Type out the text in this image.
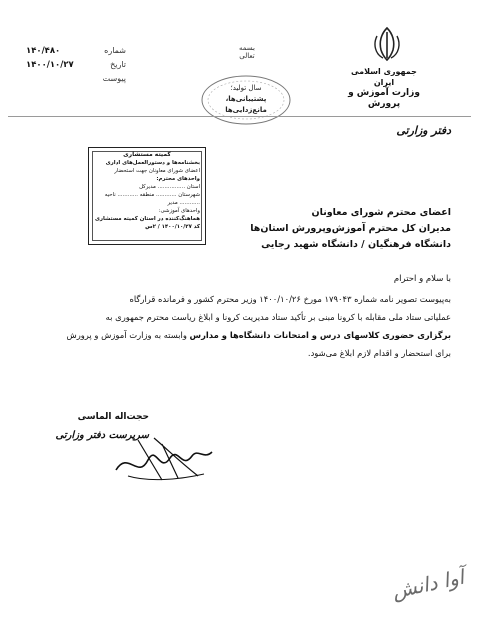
شماره
۱۴۰/۴۸۰
تاریخ
۱۴۰۰/۱۰/۲۷
پیوست
بسمه تعالی
سال تولید؛
پشتیبانی‌ها، مانع‌زدایی‌ها
جمهوری اسلامی ایران
وزارت آموزش و پرورش
دفتر وزارتی
کمیته مستشاری
بخشنامه‌ها و دستورالعمل‌های اداری
اعضای شورای معاونان جهت استحضار
واحدهای محترم:
استان ................ مدیرکل
شهرستان ............ منطقه ............ ناحیه ............ مدیر
واحدهای آموزشی:
هماهنگ‌کننده در استان کمیته مستشاری
کد ۱۴۰۰/۱۰/۲۷ / ۲س
اعضای محترم شورای معاونان
مدیران کل محترم آموزش‌وپرورش استان‌ها
دانشگاه فرهنگیان / دانشگاه شهید رجایی
با سلام و احترام
به‌پیوست تصویر نامه شماره ۱۷۹۰۴۳ مورخ ۱۴۰۰/۱۰/۲۶ وزیر محترم کشور و فرمانده قرارگاه
عملیاتی ستاد ملی مقابله با کرونا مبنی بر تأکید ستاد مدیریت کرونا و ابلاغ ریاست محترم جمهوری به
برگزاری حضوری کلاسهای درس و امتحانات دانشگاه‌ها و مدارس وابسته به وزارت آموزش و پرورش
برای استحضار و اقدام لازم ابلاغ می‌شود.
حجت‌اله الماسی
سرپرست دفتر وزارتی
آوا دانش
